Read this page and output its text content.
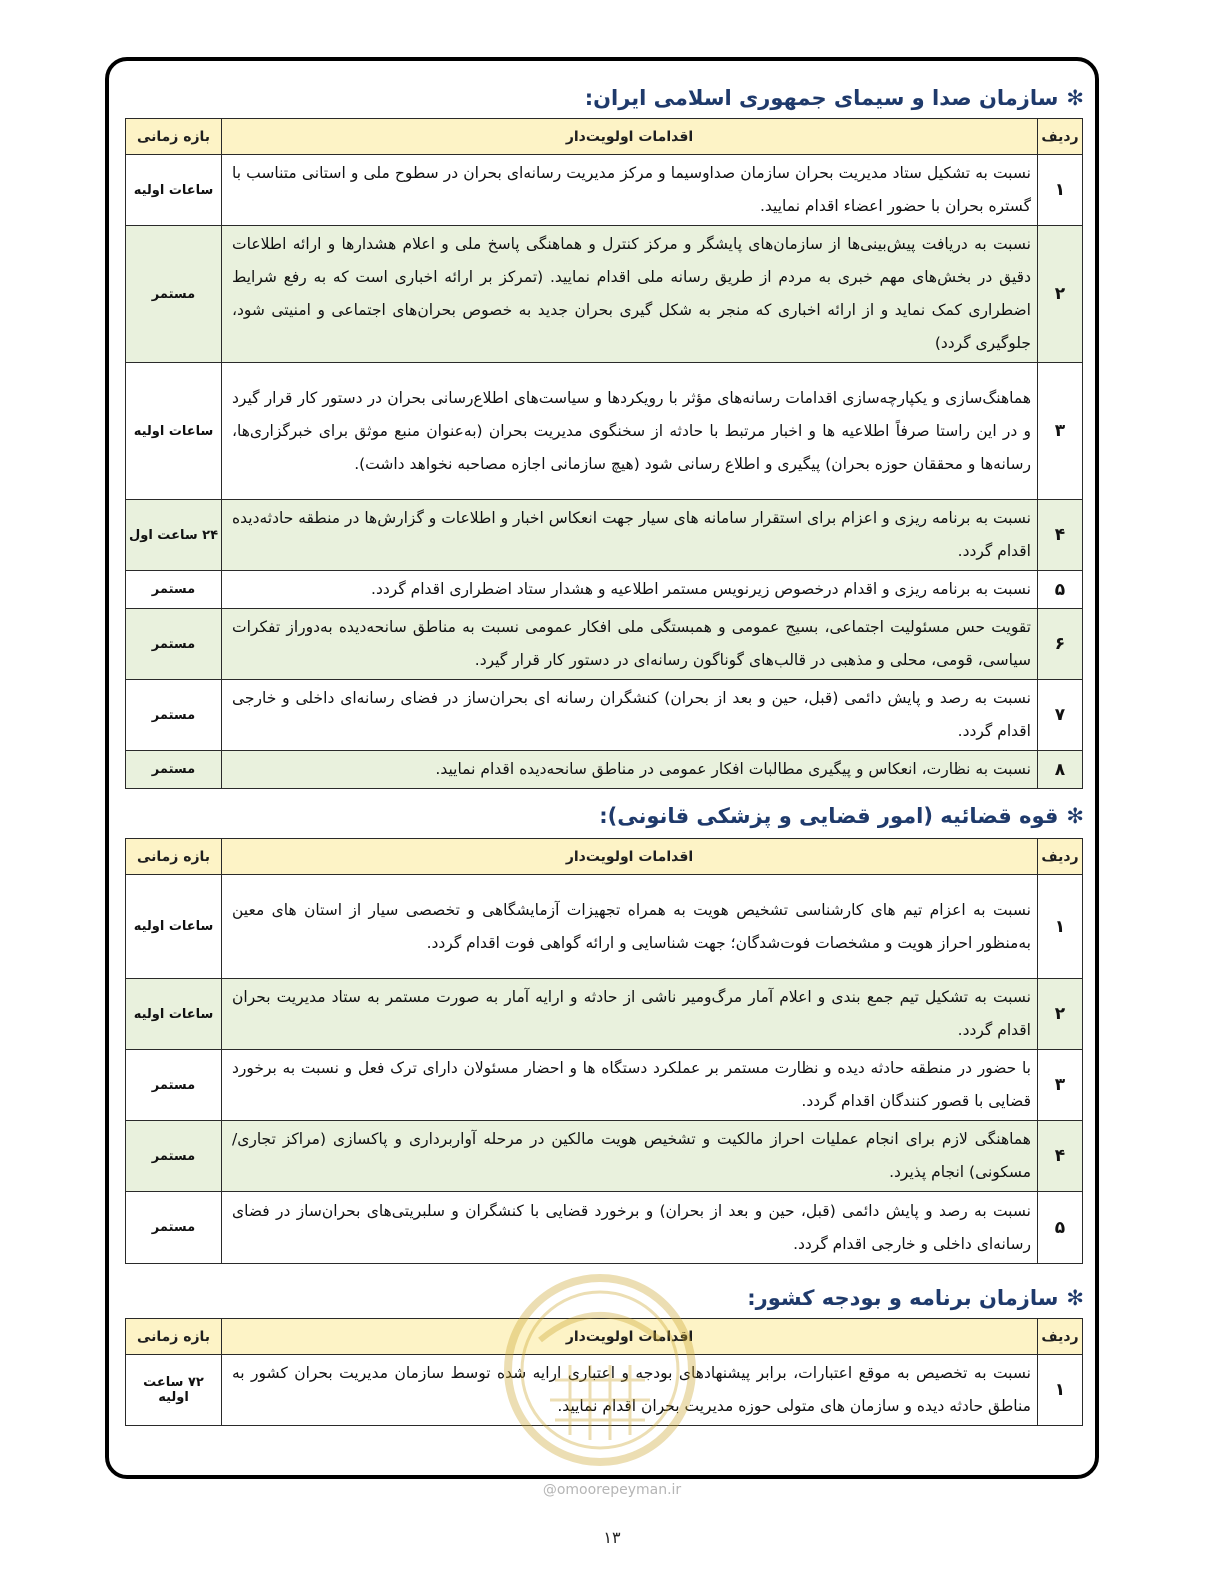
✻سازمان صدا و سیمای جمهوری اسلامی ایران:
ردیف	اقدامات اولویت‌دار	بازه زمانی
۱	نسبت به تشکیل ستاد مدیریت بحران سازمان صداوسیما و مرکز مدیریت رسانه‌ای بحران در سطوح ملی و استانی متناسب با گستره بحران با حضور اعضاء اقدام نمایید.	ساعات اولیه
۲	نسبت به دریافت پیش‌بینی‌ها از سازمان‌های پایشگر و مرکز کنترل و هماهنگی پاسخ ملی و اعلام هشدارها و ارائه اطلاعات دقیق در بخش‌های مهم خبری به مردم از طریق رسانه ملی اقدام نمایید. (تمرکز بر ارائه اخباری است که به رفع شرایط اضطراری کمک نماید و از ارائه اخباری که منجر به شکل گیری بحران جدید به خصوص بحران‌های اجتماعی و امنیتی شود، جلوگیری گردد)	مستمر
۳	هماهنگ‌سازی و یکپارچه‌سازی اقدامات رسانه‌های مؤثر با رویکردها و سیاست‌های اطلاع‌رسانی بحران در دستور کار قرار گیرد و در این راستا صرفاً اطلاعیه ها و اخبار مرتبط با حادثه از سخنگوی مدیریت بحران (به‌عنوان منبع موثق برای خبرگزاری‌ها، رسانه‌ها و محققان حوزه بحران) پیگیری و اطلاع رسانی شود (هیچ سازمانی اجازه مصاحبه نخواهد داشت).	ساعات اولیه
۴	نسبت به برنامه ریزی و اعزام برای استقرار سامانه های سیار جهت انعکاس اخبار و اطلاعات و گزارش‌ها در منطقه حادثه‌دیده اقدام گردد.	۲۴ ساعت اول
۵	نسبت به برنامه ریزی و اقدام درخصوص زیرنویس مستمر اطلاعیه و هشدار ستاد اضطراری اقدام گردد.	مستمر
۶	تقویت حس مسئولیت اجتماعی، بسیج عمومی و همبستگی ملی افکار عمومی نسبت به مناطق سانحه‌دیده به‌دوراز تفکرات سیاسی، قومی، محلی و مذهبی در قالب‌های گوناگون رسانه‌ای در دستور کار قرار گیرد.	مستمر
۷	نسبت به رصد و پایش دائمی (قبل، حین و بعد از بحران) کنشگران رسانه ای بحران‌ساز در فضای رسانه‌ای داخلی و خارجی اقدام گردد.	مستمر
۸	نسبت به نظارت، انعکاس و پیگیری مطالبات افکار عمومی در مناطق سانحه‌دیده اقدام نمایید.	مستمر
✻قوه قضائیه (امور قضایی و پزشکی قانونی):
ردیف	اقدامات اولویت‌دار	بازه زمانی
۱	نسبت به اعزام تیم های کارشناسی تشخیص هویت به همراه تجهیزات آزمایشگاهی و تخصصی سیار از استان های معین به‌منظور احراز هویت و مشخصات فوت‌شدگان؛ جهت شناسایی و ارائه گواهی فوت اقدام گردد.	ساعات اولیه
۲	نسبت به تشکیل تیم جمع بندی و اعلام آمار مرگ‌ومیر ناشی از حادثه و ارایه آمار به صورت مستمر به ستاد مدیریت بحران اقدام گردد.	ساعات اولیه
۳	با حضور در منطقه حادثه دیده و نظارت مستمر بر عملکرد دستگاه ها و احضار مسئولان دارای ترک فعل و نسبت به برخورد قضایی با قصور کنندگان اقدام گردد.	مستمر
۴	هماهنگی لازم برای انجام عملیات احراز مالکیت و تشخیص هویت مالکین در مرحله آواربرداری و پاکسازی (مراکز تجاری/مسکونی) انجام پذیرد.	مستمر
۵	نسبت به رصد و پایش دائمی (قبل، حین و بعد از بحران) و برخورد قضایی با کنشگران و سلبریتی‌های بحران‌ساز در فضای رسانه‌ای داخلی و خارجی اقدام گردد.	مستمر
✻سازمان برنامه و بودجه کشور:
ردیف	اقدامات اولویت‌دار	بازه زمانی
۱	نسبت به تخصیص به موقع اعتبارات، برابر پیشنهادهای بودجه و اعتباری ارایه شده توسط سازمان مدیریت بحران کشور به مناطق حادثه دیده و سازمان های متولی حوزه مدیریت بحران اقدام نمایید.	۷۲ ساعت اولیه
@omoorepeyman.ir
۱۳
